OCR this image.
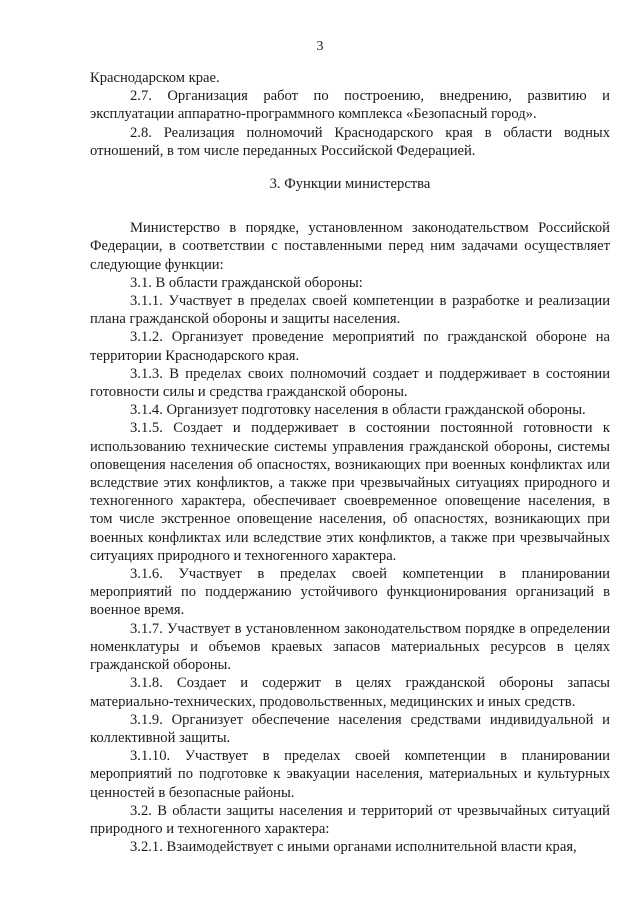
3

Краснодарском крае.

2.7. Организация работ по построению, внедрению, развитию и эксплуатации аппаратно-программного комплекса «Безопасный город».

2.8. Реализация полномочий Краснодарского края в области водных отношений, в том числе переданных Российской Федерацией.

3. Функции министерства

Министерство в порядке, установленном законодательством Российской Федерации, в соответствии с поставленными перед ним задачами осуществляет следующие функции:

3.1. В области гражданской обороны:

3.1.1. Участвует в пределах своей компетенции в разработке и реализации плана гражданской обороны и защиты населения.

3.1.2. Организует проведение мероприятий по гражданской обороне на территории Краснодарского края.

3.1.3. В пределах своих полномочий создает и поддерживает в состоянии готовности силы и средства гражданской обороны.

3.1.4. Организует подготовку населения в области гражданской обороны.

3.1.5. Создает и поддерживает в состоянии постоянной готовности к использованию технические системы управления гражданской обороны, системы оповещения населения об опасностях, возникающих при военных конфликтах или вследствие этих конфликтов, а также при чрезвычайных ситуациях природного и техногенного характера, обеспечивает своевременное оповещение населения, в том числе экстренное оповещение населения, об опасностях, возникающих при военных конфликтах или вследствие этих конфликтов, а также при чрезвычайных ситуациях природного и техногенного характера.

3.1.6. Участвует в пределах своей компетенции в планировании мероприятий по поддержанию устойчивого функционирования организаций в военное время.

3.1.7. Участвует в установленном законодательством порядке в определении номенклатуры и объемов краевых запасов материальных ресурсов в целях гражданской обороны.

3.1.8. Создает и содержит в целях гражданской обороны запасы материально-технических, продовольственных, медицинских и иных средств.

3.1.9. Организует обеспечение населения средствами индивидуальной и коллективной защиты.

3.1.10. Участвует в пределах своей компетенции в планировании мероприятий по подготовке к эвакуации населения, материальных и культурных ценностей в безопасные районы.

3.2. В области защиты населения и территорий от чрезвычайных ситуаций природного и техногенного характера:

3.2.1. Взаимодействует с иными органами исполнительной власти края,
